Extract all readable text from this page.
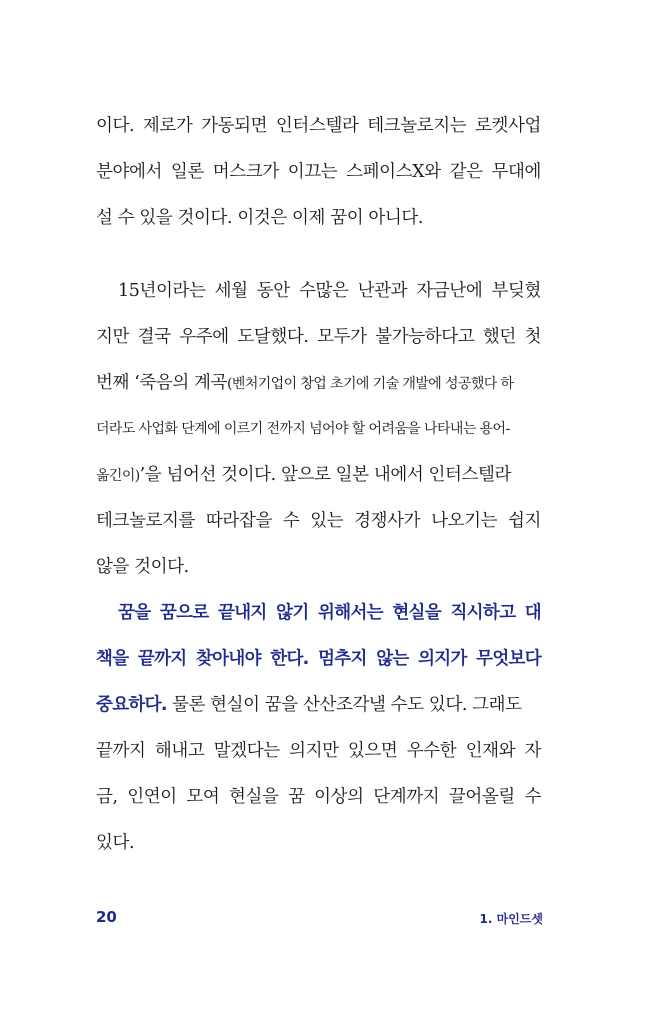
이다. 제로가 가동되면 인터스텔라 테크놀로지는 로켓사업
분야에서 일론 머스크가 이끄는 스페이스X와 같은 무대에
설 수 있을 것이다. 이것은 이제 꿈이 아니다.
15년이라는 세월 동안 수많은 난관과 자금난에 부딪혔
지만 결국 우주에 도달했다. 모두가 불가능하다고 했던 첫
번째 ‘죽음의 계곡(벤처기업이 창업 초기에 기술 개발에 성공했다 하
더라도 사업화 단계에 이르기 전까지 넘어야 할 어려움을 나타내는 용어-
옮긴이)’을 넘어선 것이다. 앞으로 일본 내에서 인터스텔라
테크놀로지를 따라잡을 수 있는 경쟁사가 나오기는 쉽지
않을 것이다.
꿈을 꿈으로 끝내지 않기 위해서는 현실을 직시하고 대
책을 끝까지 찾아내야 한다. 멈추지 않는 의지가 무엇보다
중요하다. 물론 현실이 꿈을 산산조각낼 수도 있다. 그래도
끝까지 해내고 말겠다는 의지만 있으면 우수한 인재와 자
금, 인연이 모여 현실을 꿈 이상의 단계까지 끌어올릴 수
있다.
20	1. 마인드셋
